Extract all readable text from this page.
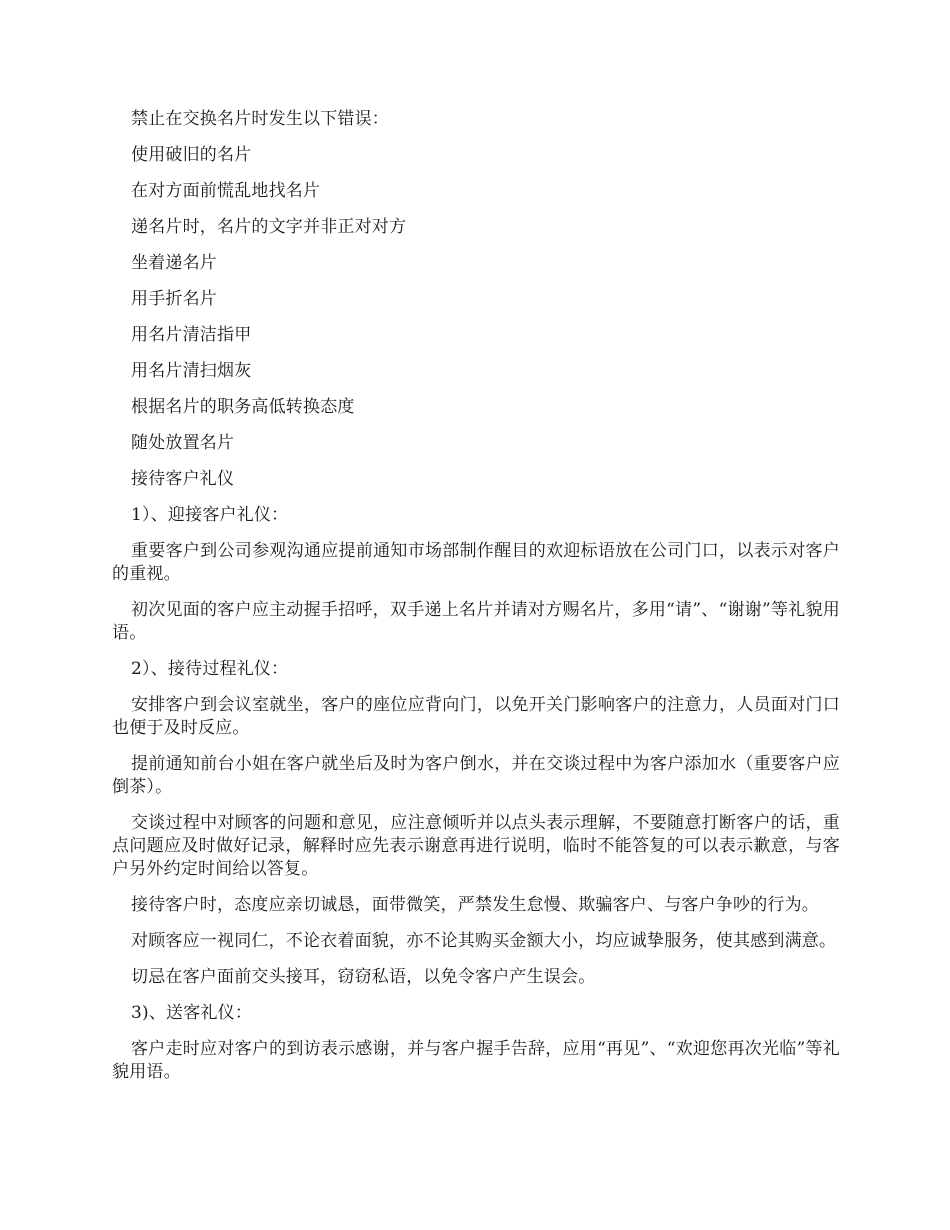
禁止在交换名片时发生以下错误：

使用破旧的名片

在对方面前慌乱地找名片

递名片时，名片的文字并非正对对方

坐着递名片

用手折名片

用名片清洁指甲

用名片清扫烟灰

根据名片的职务高低转换态度

随处放置名片

接待客户礼仪

1）、迎接客户礼仪：

重要客户到公司参观沟通应提前通知市场部制作醒目的欢迎标语放在公司门口，以表示对客户的重视。

初次见面的客户应主动握手招呼，双手递上名片并请对方赐名片，多用“请”、“谢谢”等礼貌用语。

2）、接待过程礼仪：

安排客户到会议室就坐，客户的座位应背向门，以免开关门影响客户的注意力，人员面对门口也便于及时反应。

提前通知前台小姐在客户就坐后及时为客户倒水，并在交谈过程中为客户添加水（重要客户应倒茶）。

交谈过程中对顾客的问题和意见，应注意倾听并以点头表示理解，不要随意打断客户的话，重点问题应及时做好记录，解释时应先表示谢意再进行说明，临时不能答复的可以表示歉意，与客户另外约定时间给以答复。

接待客户时，态度应亲切诚恳，面带微笑，严禁发生怠慢、欺骗客户、与客户争吵的行为。

对顾客应一视同仁，不论衣着面貌，亦不论其购买金额大小，均应诚挚服务，使其感到满意。

切忌在客户面前交头接耳，窃窃私语，以免令客户产生误会。

3)、送客礼仪：

客户走时应对客户的到访表示感谢，并与客户握手告辞，应用“再见”、“欢迎您再次光临”等礼貌用语。
